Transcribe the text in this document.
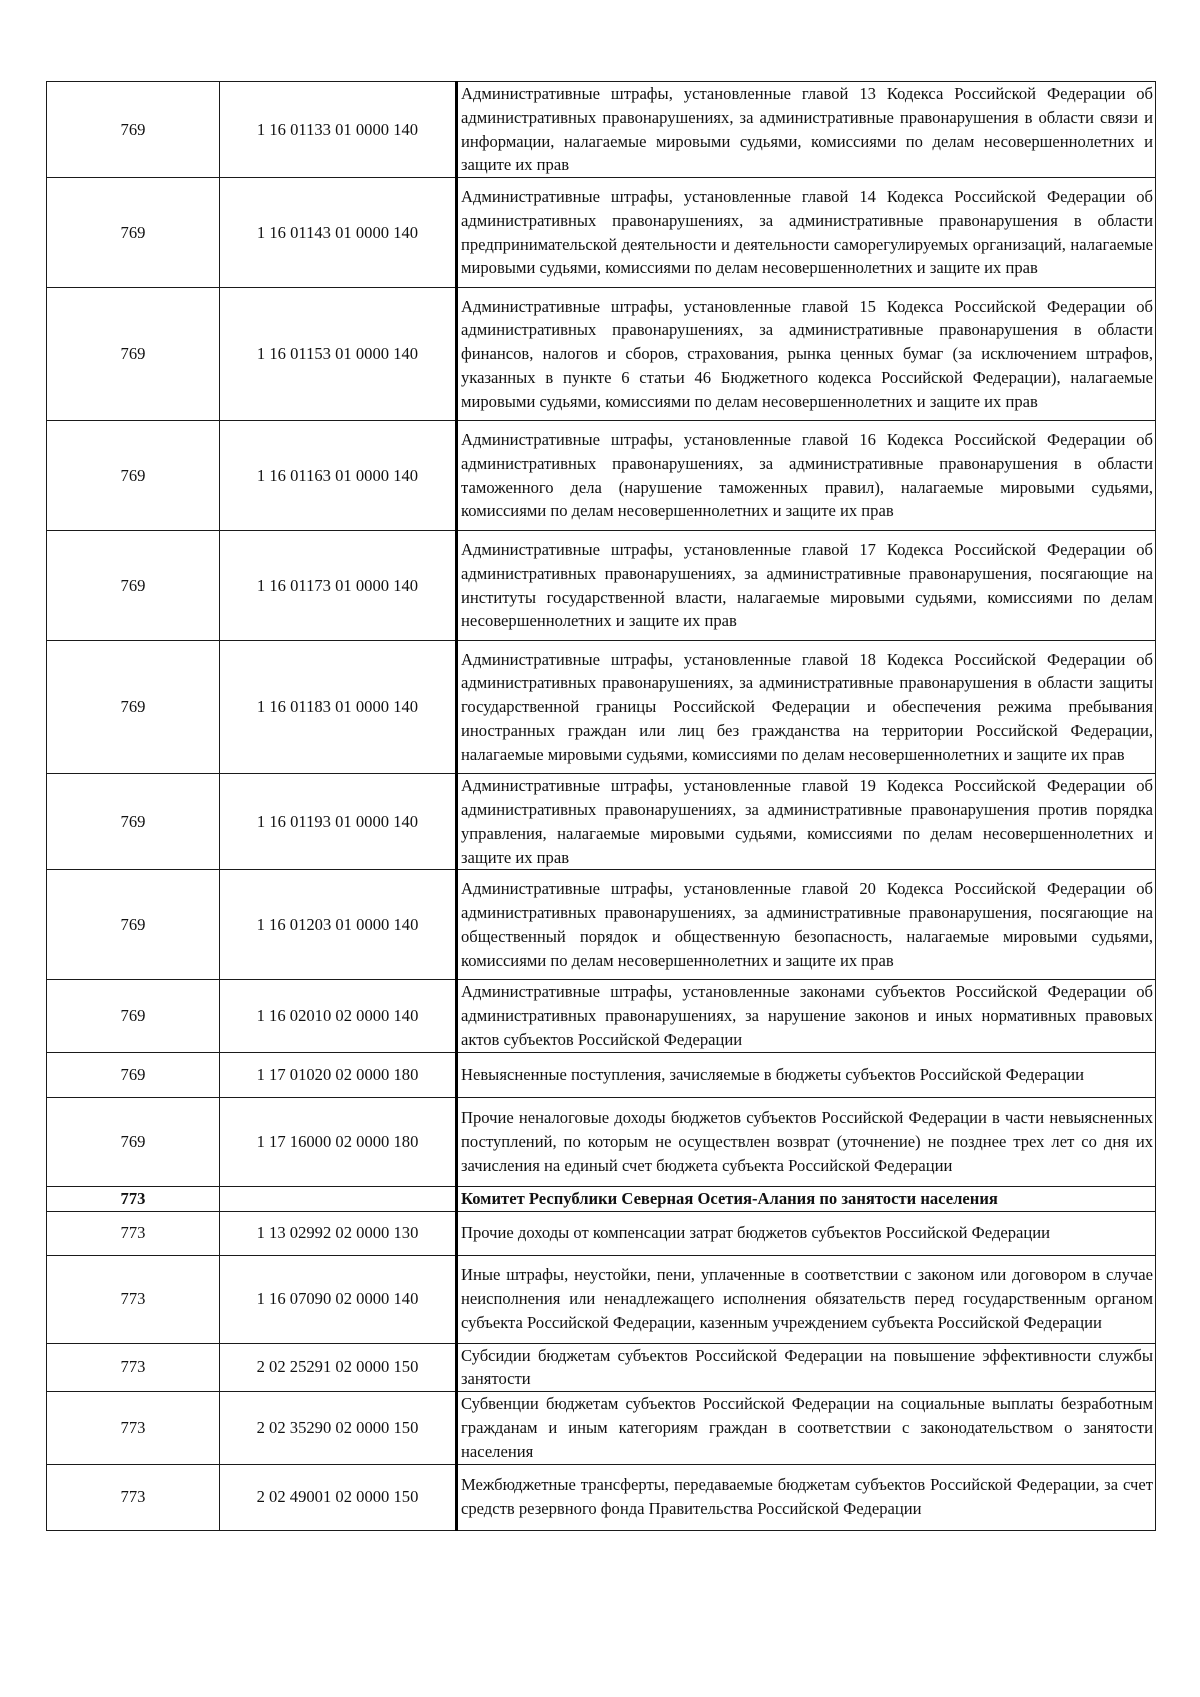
769	1 16 01133 01 0000 140	Административные штрафы, установленные главой 13 Кодекса Российской Федерации об административных правонарушениях, за административные правонарушения в области связи и информации, налагаемые мировыми судьями, комиссиями по делам несовершеннолетних и защите их прав
769	1 16 01143 01 0000 140	Административные штрафы, установленные главой 14 Кодекса Российской Федерации об административных правонарушениях, за административные правонарушения в области предпринимательской деятельности и деятельности саморегулируемых организаций, налагаемые мировыми судьями, комиссиями по делам несовершеннолетних и защите их прав
769	1 16 01153 01 0000 140	Административные штрафы, установленные главой 15 Кодекса Российской Федерации об административных правонарушениях, за административные правонарушения в области финансов, налогов и сборов, страхования, рынка ценных бумаг (за исключением штрафов, указанных в пункте 6 статьи 46 Бюджетного кодекса Российской Федерации), налагаемые мировыми судьями, комиссиями по делам несовершеннолетних и защите их прав
769	1 16 01163 01 0000 140	Административные штрафы, установленные главой 16 Кодекса Российской Федерации об административных правонарушениях, за административные правонарушения в области таможенного дела (нарушение таможенных правил), налагаемые мировыми судьями, комиссиями по делам несовершеннолетних и защите их прав
769	1 16 01173 01 0000 140	Административные штрафы, установленные главой 17 Кодекса Российской Федерации об административных правонарушениях, за административные правонарушения, посягающие на институты государственной власти, налагаемые мировыми судьями, комиссиями по делам несовершеннолетних и защите их прав
769	1 16 01183 01 0000 140	Административные штрафы, установленные главой 18 Кодекса Российской Федерации об административных правонарушениях, за административные правонарушения в области защиты государственной границы Российской Федерации и обеспечения режима пребывания иностранных граждан или лиц без гражданства на территории Российской Федерации, налагаемые мировыми судьями, комиссиями по делам несовершеннолетних и защите их прав
769	1 16 01193 01 0000 140	Административные штрафы, установленные главой 19 Кодекса Российской Федерации об административных правонарушениях, за административные правонарушения против порядка управления, налагаемые мировыми судьями, комиссиями по делам несовершеннолетних и защите их прав
769	1 16 01203 01 0000 140	Административные штрафы, установленные главой 20 Кодекса Российской Федерации об административных правонарушениях, за административные правонарушения, посягающие на общественный порядок и общественную безопасность, налагаемые мировыми судьями, комиссиями по делам несовершеннолетних и защите их прав
769	1 16 02010 02 0000 140	Административные штрафы, установленные законами субъектов Российской Федерации об административных правонарушениях, за нарушение законов и иных нормативных правовых актов субъектов Российской Федерации
769	1 17 01020 02 0000 180	Невыясненные поступления, зачисляемые в бюджеты субъектов Российской Федерации
769	1 17 16000 02 0000 180	Прочие неналоговые доходы бюджетов субъектов Российской Федерации в части невыясненных поступлений, по которым не осуществлен возврат (уточнение) не позднее трех лет со дня их зачисления на единый счет бюджета субъекта Российской Федерации
773		Комитет Республики Северная Осетия-Алания по занятости населения
773	1 13 02992 02 0000 130	Прочие доходы от компенсации затрат бюджетов субъектов Российской Федерации
773	1 16 07090 02 0000 140	Иные штрафы, неустойки, пени, уплаченные в соответствии с законом или договором в случае неисполнения или ненадлежащего исполнения обязательств перед государственным органом субъекта Российской Федерации, казенным учреждением субъекта Российской Федерации
773	2 02 25291 02 0000 150	Субсидии бюджетам субъектов Российской Федерации на повышение эффективности службы занятости
773	2 02 35290 02 0000 150	Субвенции бюджетам субъектов Российской Федерации на социальные выплаты безработным гражданам и иным категориям граждан в соответствии с законодательством о занятости населения
773	2 02 49001 02 0000 150	Межбюджетные трансферты, передаваемые бюджетам субъектов Российской Федерации, за счет средств резервного фонда Правительства Российской Федерации
